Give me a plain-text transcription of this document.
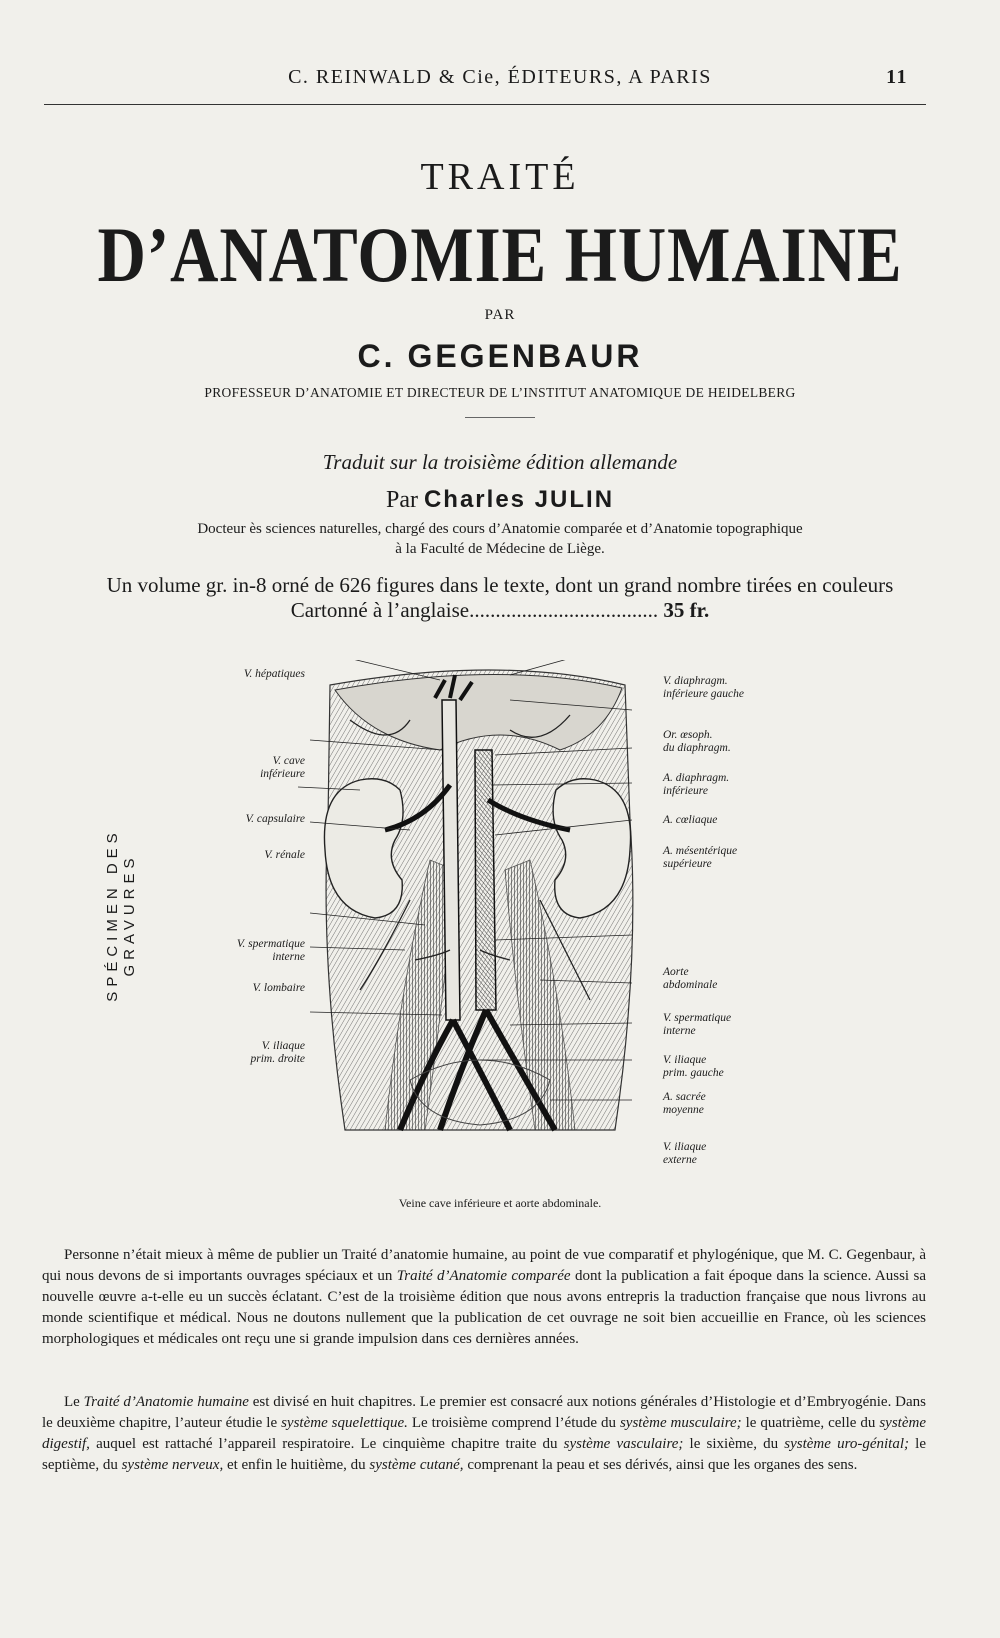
C. REINWALD & Cie, ÉDITEURS, A PARIS	11
TRAITÉ
D’ANATOMIE HUMAINE
PAR
C. GEGENBAUR
PROFESSEUR D’ANATOMIE ET DIRECTEUR DE L’INSTITUT ANATOMIQUE DE HEIDELBERG
Traduit sur la troisième édition allemande
Par Charles JULIN
Docteur ès sciences naturelles, chargé des cours d’Anatomie comparée et d’Anatomie topographique
à la Faculté de Médecine de Liège.
Un volume gr. in-8 orné de 626 figures dans le texte, dont un grand nombre tirées en couleurs
Cartonné à l’anglaise.................................... 35 fr.
SPÉCIMEN DES GRAVURES
V. hépatiques
V. cave
inférieure
V. capsulaire
V. rénale
V. spermatique
interne
V. lombaire
V. iliaque
prim. droite
V. diaphragm.
inférieure gauche
Or. œsoph.
du diaphragm.
A. diaphragm.
inférieure
A. cœliaque
A. mésentérique
supérieure
Aorte
abdominale
V. spermatique
interne
V. iliaque
prim. gauche
A. sacrée
moyenne
V. iliaque
externe
Veine cave inférieure et aorte abdominale.
Personne n’était mieux à même de publier un Traité d’anatomie humaine, au point de vue comparatif et phylogénique, que M. C. Gegenbaur, à qui nous devons de si importants ouvrages spéciaux et un Traité d’Anatomie comparée dont la publication a fait époque dans la science. Aussi sa nouvelle œuvre a-t-elle eu un succès éclatant. C’est de la troisième édition que nous avons entrepris la traduction française que nous livrons au monde scientifique et médical. Nous ne doutons nullement que la publication de cet ouvrage ne soit bien accueillie en France, où les sciences morphologiques et médicales ont reçu une si grande impulsion dans ces dernières années.
Le Traité d’Anatomie humaine est divisé en huit chapitres. Le premier est consacré aux notions générales d’Histologie et d’Embryogénie. Dans le deuxième chapitre, l’auteur étudie le système squelettique. Le troisième comprend l’étude du système musculaire; le quatrième, celle du système digestif, auquel est rattaché l’appareil respiratoire. Le cinquième chapitre traite du système vasculaire; le sixième, du système uro-génital; le septième, du système nerveux, et enfin le huitième, du système cutané, comprenant la peau et ses dérivés, ainsi que les organes des sens.
